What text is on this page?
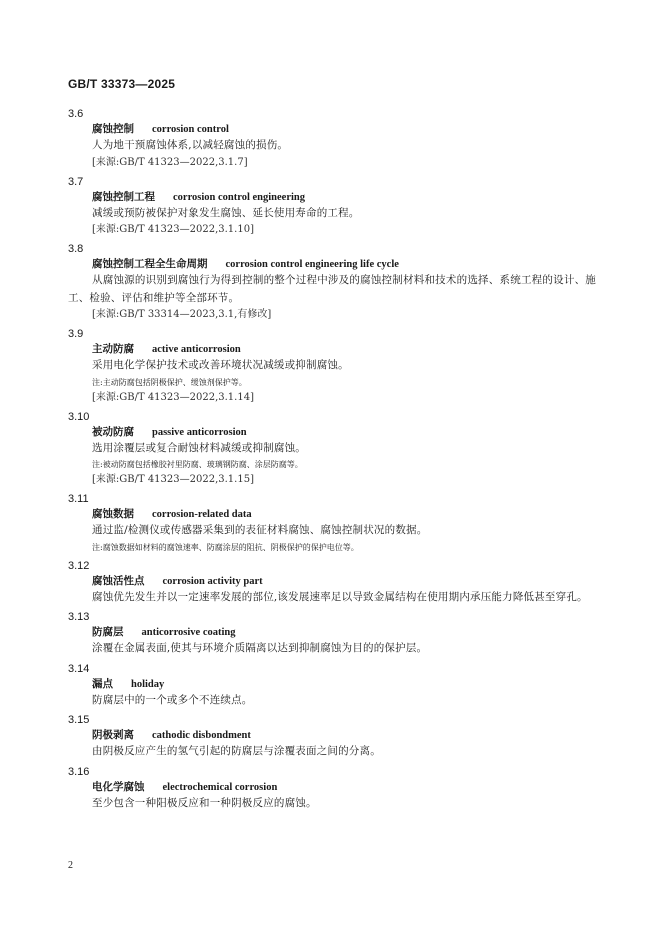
GB/T 33373—2025
3.6
腐蚀控制 corrosion control

人为地干预腐蚀体系,以减轻腐蚀的损伤。

[来源:GB/T 41323—2022,3.1.7]
3.7
腐蚀控制工程 corrosion control engineering

减缓或预防被保护对象发生腐蚀、延长使用寿命的工程。

[来源:GB/T 41323—2022,3.1.10]
3.8
腐蚀控制工程全生命周期 corrosion control engineering life cycle

从腐蚀源的识别到腐蚀行为得到控制的整个过程中涉及的腐蚀控制材料和技术的选择、系统工程的设计、施工、检验、评估和维护等全部环节。

[来源:GB/T 33314—2023,3.1,有修改]
3.9
主动防腐 active anticorrosion

采用电化学保护技术或改善环境状况减缓或抑制腐蚀。

注:主动防腐包括阴极保护、缓蚀剂保护等。
[来源:GB/T 41323—2022,3.1.14]
3.10
被动防腐 passive anticorrosion

选用涂覆层或复合耐蚀材料减缓或抑制腐蚀。

注:被动防腐包括橡胶衬里防腐、玻璃钢防腐、涂层防腐等。
[来源:GB/T 41323—2022,3.1.15]
3.11
腐蚀数据 corrosion-related data

通过监/检测仪或传感器采集到的表征材料腐蚀、腐蚀控制状况的数据。

注:腐蚀数据如材料的腐蚀速率、防腐涂层的阻抗、阴极保护的保护电位等。
3.12
腐蚀活性点 corrosion activity part

腐蚀优先发生并以一定速率发展的部位,该发展速率足以导致金属结构在使用期内承压能力降低甚至穿孔。

3.13
防腐层 anticorrosive coating

涂覆在金属表面,使其与环境介质隔离以达到抑制腐蚀为目的的保护层。

3.14
漏点 holiday

防腐层中的一个或多个不连续点。

3.15
阴极剥离 cathodic disbondment

由阴极反应产生的氢气引起的防腐层与涂覆表面之间的分离。

3.16
电化学腐蚀 electrochemical corrosion

至少包含一种阳极反应和一种阴极反应的腐蚀。

2
